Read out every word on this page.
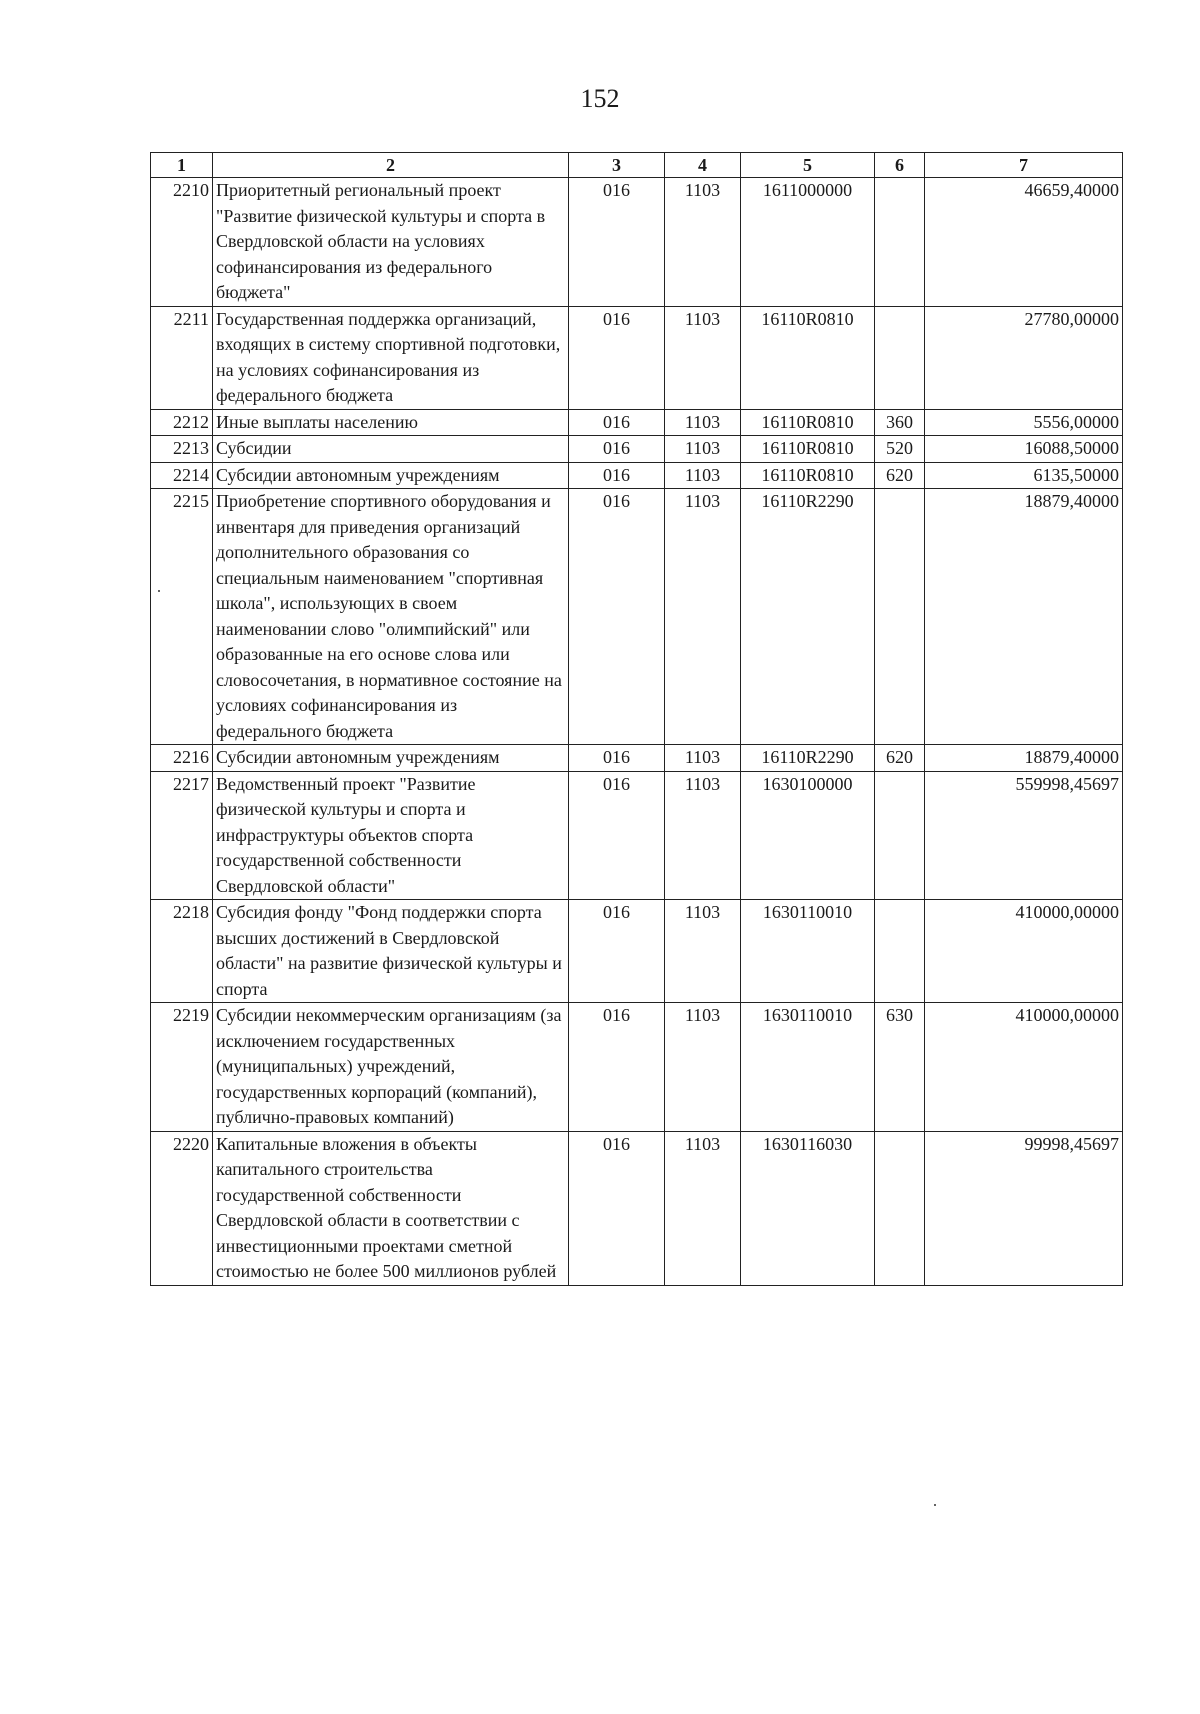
152
1	2	3	4	5	6	7
2210	Приоритетный региональный проект "Развитие физической культуры и спорта в Свердловской области на условиях софинансирования из федерального бюджета"	016	1103	1611000000		46659,40000
2211	Государственная поддержка организаций, входящих в систему спортивной подготовки, на условиях софинансирования из федерального бюджета	016	1103	16110R0810		27780,00000
2212	Иные выплаты населению	016	1103	16110R0810	360	5556,00000
2213	Субсидии	016	1103	16110R0810	520	16088,50000
2214	Субсидии автономным учреждениям	016	1103	16110R0810	620	6135,50000
2215	Приобретение спортивного оборудования и инвентаря для приведения организаций дополнительного образования со специальным наименованием "спортивная школа", использующих в своем наименовании слово "олимпийский" или образованные на его основе слова или словосочетания, в нормативное состояние на условиях софинансирования из федерального бюджета	016	1103	16110R2290		18879,40000
2216	Субсидии автономным учреждениям	016	1103	16110R2290	620	18879,40000
2217	Ведомственный проект "Развитие физической культуры и спорта и инфраструктуры объектов спорта государственной собственности Свердловской области"	016	1103	1630100000		559998,45697
2218	Субсидия фонду "Фонд поддержки спорта высших достижений в Свердловской области" на развитие физической культуры и спорта	016	1103	1630110010		410000,00000
2219	Субсидии некоммерческим организациям (за исключением государственных (муниципальных) учреждений, государственных корпораций (компаний), публично-правовых компаний)	016	1103	1630110010	630	410000,00000
2220	Капитальные вложения в объекты капитального строительства государственной собственности Свердловской области в соответствии с инвестиционными проектами сметной стоимостью не более 500 миллионов рублей	016	1103	1630116030		99998,45697
